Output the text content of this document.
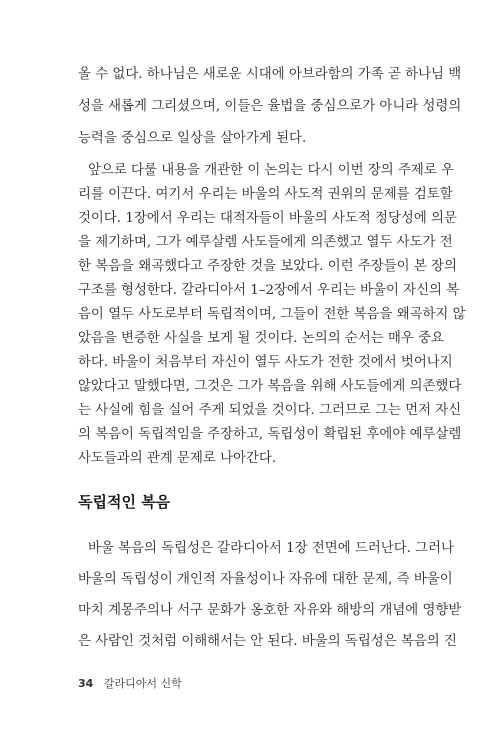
올 수 없다. 하나님은 새로운 시대에 아브라함의 가족 곧 하나님 백
성을 새롭게 그리셨으며, 이들은 율법을 중심으로가 아니라 성령의
능력을 중심으로 일상을 살아가게 된다.
앞으로 다룰 내용을 개관한 이 논의는 다시 이번 장의 주제로 우
리를 이끈다. 여기서 우리는 바울의 사도적 권위의 문제를 검토할
것이다. 1장에서 우리는 대적자들이 바울의 사도적 정당성에 의문
을 제기하며, 그가 예루살렘 사도들에게 의존했고 열두 사도가 전
한 복음을 왜곡했다고 주장한 것을 보았다. 이런 주장들이 본 장의
구조를 형성한다. 갈라디아서 1–2장에서 우리는 바울이 자신의 복
음이 열두 사도로부터 독립적이며, 그들이 전한 복음을 왜곡하지 않
았음을 변증한 사실을 보게 될 것이다. 논의의 순서는 매우 중요
하다. 바울이 처음부터 자신이 열두 사도가 전한 것에서 벗어나지
않았다고 말했다면, 그것은 그가 복음을 위해 사도들에게 의존했다
는 사실에 힘을 실어 주게 되었을 것이다. 그러므로 그는 먼저 자신
의 복음이 독립적임을 주장하고, 독립성이 확립된 후에야 예루살렘
사도들과의 관계 문제로 나아간다.
독립적인 복음
바울 복음의 독립성은 갈라디아서 1장 전면에 드러난다. 그러나
바울의 독립성이 개인적 자율성이나 자유에 대한 문제, 즉 바울이
마치 계몽주의나 서구 문화가 옹호한 자유와 해방의 개념에 영향받
은 사람인 것처럼 이해해서는 안 된다. 바울의 독립성은 복음의 진
34 갈라디아서 신학
